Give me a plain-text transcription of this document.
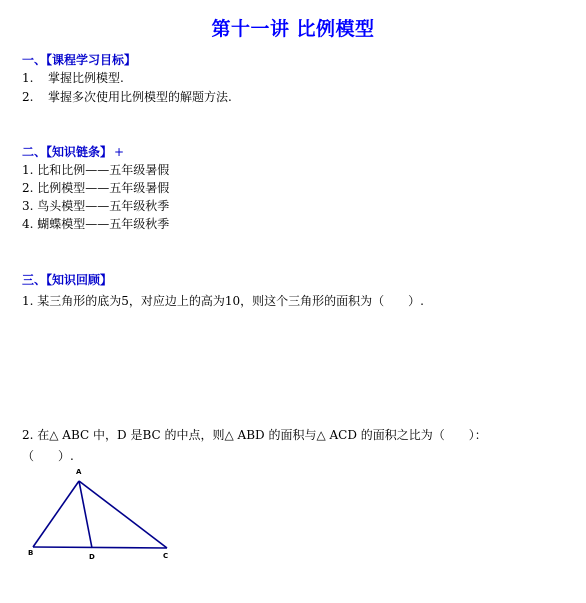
第十一讲 比例模型
一、【课程学习目标】
1. 掌握比例模型.
2. 掌握多次使用比例模型的解题方法.
二、【知识链条】 +
1. 比和比例——五年级暑假
2. 比例模型——五年级暑假
3. 鸟头模型——五年级秋季
4. 蝴蝶模型——五年级秋季
三、【知识回顾】
1. 某三角形的底为5，对应边上的高为10，则这个三角形的面积为（　　）.
2. 在△ ABC 中，D 是BC 的中点，则△ ABD 的面积与△ ACD 的面积之比为（　　）：
（　　）.
A
B	D	C
